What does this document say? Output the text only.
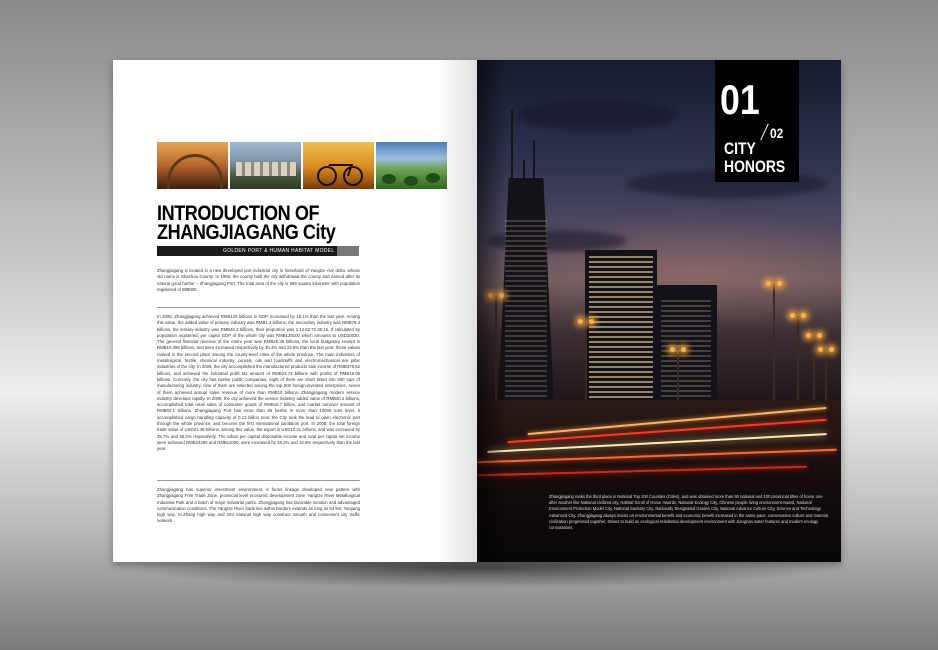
INTRODUCTION OF
ZHANGJIAGANG City
GOLDEN PORT & HUMAN HABITAT MODEL

Zhangjiagang is located in a new developed port industrial city in hinterland of Yangtze rive delta, whose old name is Shazhou County. In 1986, the county built the city withdrawal the county and named after its natural good harbor – Zhangjiagang Port. The total area of the city is 999 square kilometer with population registered of 898000.

In 2008, Zhangjiagang achieved RMB125 billions in GDP, increased by 18.1% than the last year. Among this value, the added value of primary industry was RMB1.4 billions; the secondary industry was RMB79.4 billions, the tertiary-industry was RMB40.2 billions, their proportion was 1:12.62:72.35:16. If calculated by population registered, per capita GDP of the whole city was RMB139100 which amounts to USD20030. The general financial revenue of the entire year was RMB25.36 billions, the local budgetary receipt is RMB10.398 billions, and were increased respectively by 30.4% and 23.8% than the last year; these values ranked in the second place among the county-level cities of the whole province. The main industries of metallurgical, textile, chemical industry, cereals, oils and foodstuffs and electromechanical are pillar industries of the city. In 2008, the city accomplished the manufactured products sale income of RMB379.52 billions, and achieved the industrial profit tax amount of RMB23.73 billions with profits of RMB16.09 billions. Currently, the city has twelve public companies, eight of them are short listed into 500 tops of manufacturing industry, nine of them are selected among the top 500 foreign-invested enterprises, seven of them achieved annual sales revenue of more than RMB10 billions. Zhangjiagang modern service industry develops rapidly. In 2008, the city achieved the service industry added value of RMB40.2 billions, accomplished total retail sales of consumer goods of RMB16.7 billion, and market turnover amount of RMB60.1 billions. Zhangjiagang Port has more than 65 berths in more than 10000 tons level, it accomplished cargo handling capacity of 0.13 billion tons; the City took the lead to open electronic port through the whole province, and become the first international sanitation port. In 2008, the total foreign trade value of USD21.48 billions, among this value, the export is USD10.21 billions, and was increased by 25.7% and 36.3% respectively. The urban per capital disposable income and rural per capita net income were achieved RMB24250 and RMB11000, were increased by 18.2% and 16.8% respectively than the last year.

Zhangjiagang has superior investment environment, it forms linkage developed new pattern with Zhangjiagang Free Trade Zone, provincial level economic development zone, Yangtze River Metallurgical Industrial Park and a batch of major industrial parks. Zhangjiagang has favorable location and advantaged communication conditions. The Yangtze River bank line within borders extends as long as 64 km; Yanjiang high way, Xi-Zhang high way and 204 national high way construct smooth and convenient city traffic network.

01
02
CITY
HONORS

Zhangjiagang ranks the third place in National Top 100 Counties (Cities), and was obtained more than 90 national and 100 provincial titles of honor one after another like National civilized city, Habitat Scroll of Honor Awards, National Ecology City, Chinese people living environment Award, National Environment Protection Model City, National Sanitary City, Nationally Designated Garden City, National Advance Culture City, Science and Technology Advanced City. Zhangjiagang always insists on environmental benefit and economic benefit increased in the same pace, conservation culture and material civilization progressed together, strives to build an ecological residential development environment with Jiangnan water features and modern ecology connotations.
